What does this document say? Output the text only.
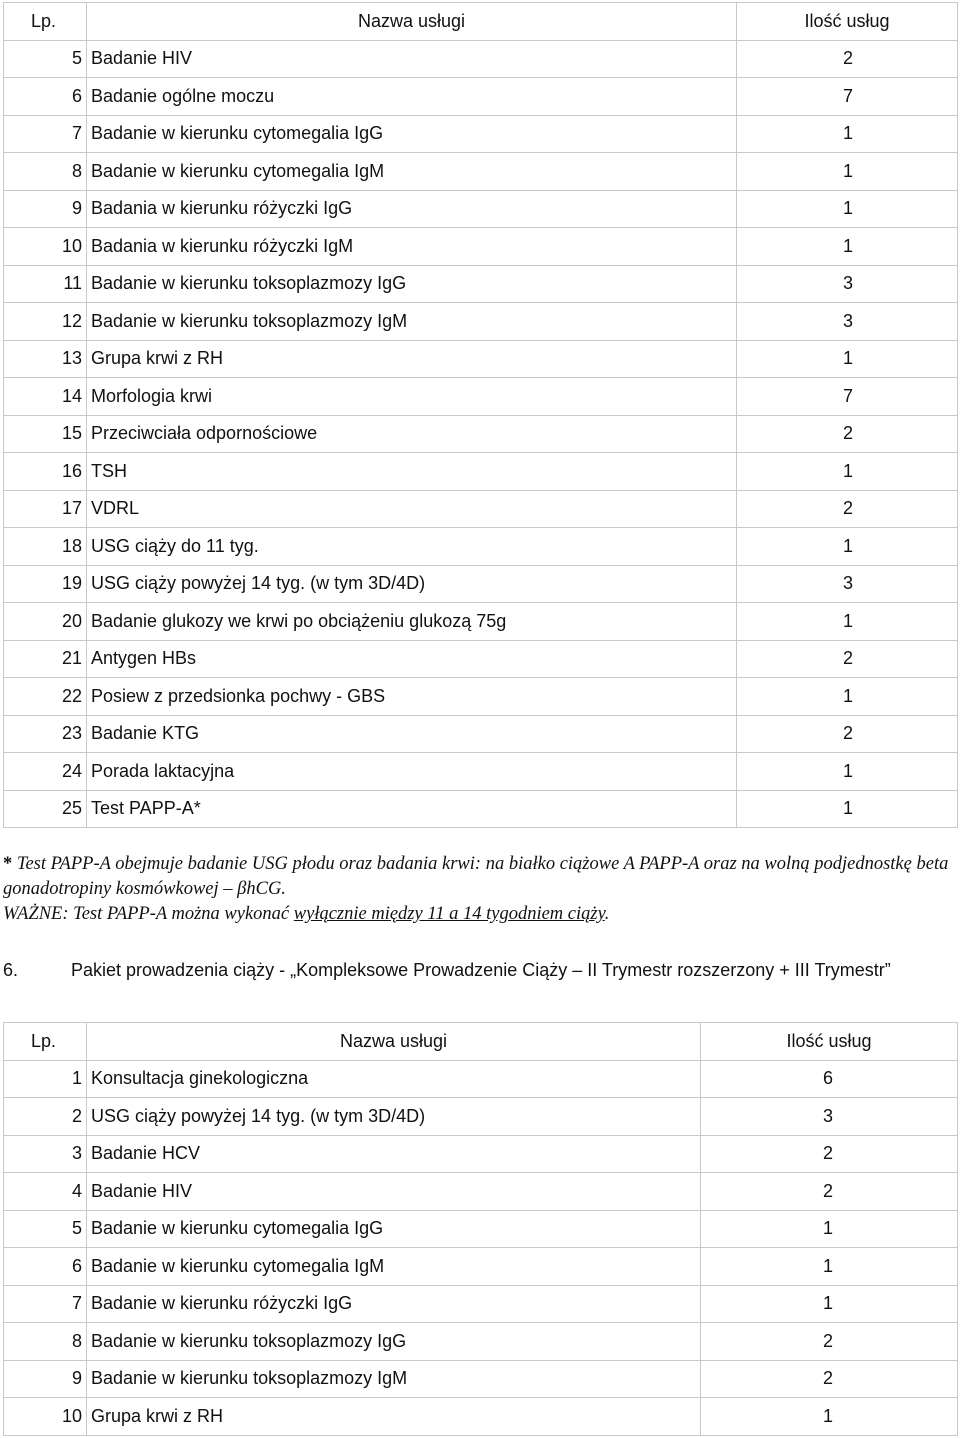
Lp.	Nazwa usługi	Ilość usług
5	Badanie HIV	2
6	Badanie ogólne moczu	7
7	Badanie w kierunku cytomegalia IgG	1
8	Badanie w kierunku cytomegalia IgM	1
9	Badania w kierunku różyczki IgG	1
10	Badania w kierunku różyczki IgM	1
11	Badanie w kierunku toksoplazmozy IgG	3
12	Badanie w kierunku toksoplazmozy IgM	3
13	Grupa krwi z RH	1
14	Morfologia krwi	7
15	Przeciwciała odpornościowe	2
16	TSH	1
17	VDRL	2
18	USG ciąży do 11 tyg.	1
19	USG ciąży powyżej 14 tyg. (w tym 3D/4D)	3
20	Badanie glukozy we krwi po obciążeniu glukozą 75g	1
21	Antygen HBs	2
22	Posiew z przedsionka pochwy - GBS	1
23	Badanie KTG	2
24	Porada laktacyjna	1
25	Test PAPP-A*	1
* Test PAPP-A obejmuje badanie USG płodu oraz badania krwi: na białko ciążowe A PAPP-A oraz na wolną podjednostkę beta gonadotropiny kosmówkowej – βhCG.
WAŻNE: Test PAPP-A można wykonać wyłącznie między 11 a 14 tygodniem ciąży.
6.	Pakiet prowadzenia ciąży - „Kompleksowe Prowadzenie Ciąży – II Trymestr rozszerzony + III Trymestr”
Lp.	Nazwa usługi	Ilość usług
1	Konsultacja ginekologiczna	6
2	USG ciąży powyżej 14 tyg. (w tym 3D/4D)	3
3	Badanie HCV	2
4	Badanie HIV	2
5	Badanie w kierunku cytomegalia IgG	1
6	Badanie w kierunku cytomegalia IgM	1
7	Badanie w kierunku różyczki IgG	1
8	Badanie w kierunku toksoplazmozy IgG	2
9	Badanie w kierunku toksoplazmozy IgM	2
10	Grupa krwi z RH	1
